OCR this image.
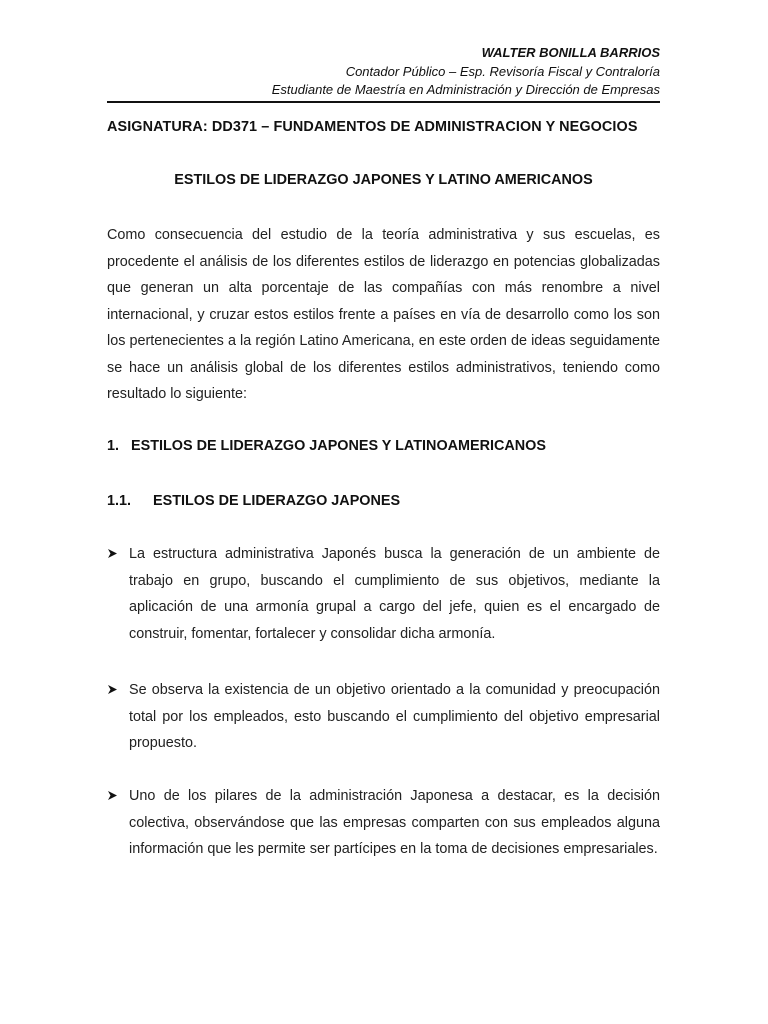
WALTER BONILLA BARRIOS
Contador Público – Esp. Revisoría Fiscal y Contraloría
Estudiante de Maestría en Administración y Dirección de Empresas
ASIGNATURA: DD371 – FUNDAMENTOS DE ADMINISTRACION Y NEGOCIOS
ESTILOS DE LIDERAZGO JAPONES Y LATINO AMERICANOS

Como consecuencia del estudio de la teoría administrativa y sus escuelas, es procedente el análisis de los diferentes estilos de liderazgo en potencias globalizadas que generan un alta porcentaje de las compañías con más renombre a nivel internacional, y cruzar estos estilos frente a países en vía de desarrollo como los son los pertenecientes a la región Latino Americana, en este orden de ideas seguidamente se hace un análisis global de los diferentes estilos administrativos, teniendo como resultado lo siguiente:

1. ESTILOS DE LIDERAZGO JAPONES Y LATINOAMERICANOS
1.1. ESTILOS DE LIDERAZGO JAPONES

La estructura administrativa Japonés busca la generación de un ambiente de trabajo en grupo, buscando el cumplimiento de sus objetivos, mediante la aplicación de una armonía grupal a cargo del jefe, quien es el encargado de construir, fomentar, fortalecer y consolidar dicha armonía.

Se observa la existencia de un objetivo orientado a la comunidad y preocupación total por los empleados, esto buscando el cumplimiento del objetivo empresarial propuesto.

Uno de los pilares de la administración Japonesa a destacar, es la decisión colectiva, observándose que las empresas comparten con sus empleados alguna información que les permite ser partícipes en la toma de decisiones empresariales.
